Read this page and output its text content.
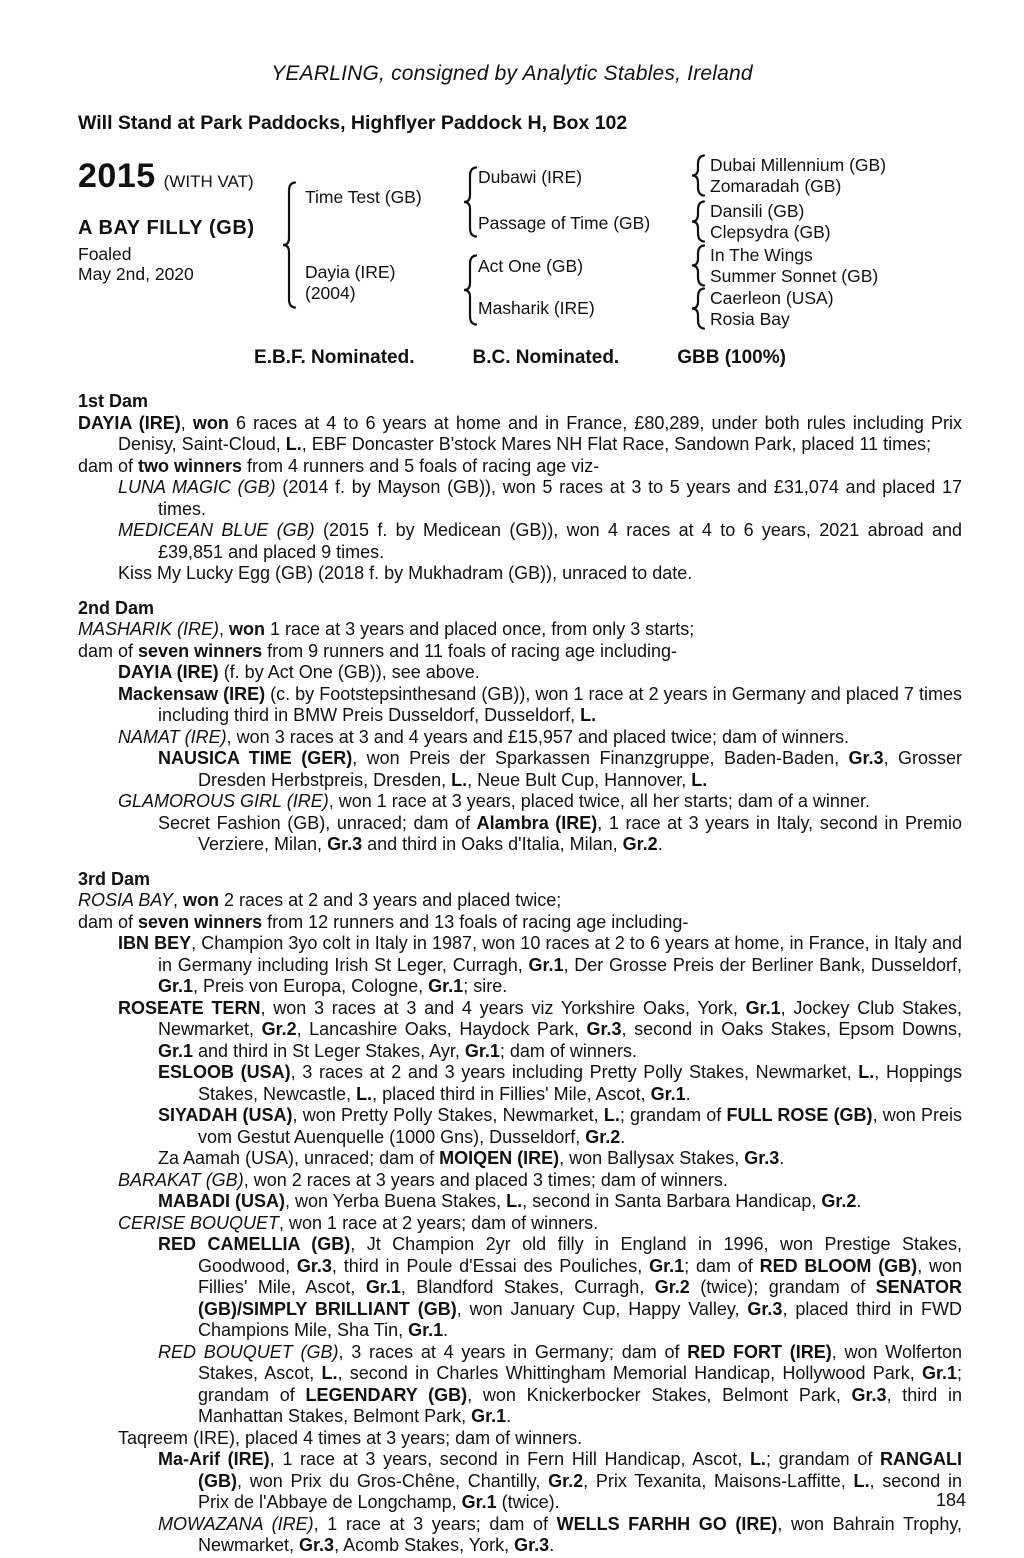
YEARLING, consigned by Analytic Stables, Ireland
Will Stand at Park Paddocks, Highflyer Paddock H, Box 102
2015 (WITH VAT)
A BAY FILLY (GB)
Foaled
May 2nd, 2020
Time Test (GB)
Dayia (IRE)
(2004)
Dubawi (IRE)
Passage of Time (GB)
Act One (GB)
Masharik (IRE)
Dubai Millennium (GB)
Zomaradah (GB)
Dansili (GB)
Clepsydra (GB)
In The Wings
Summer Sonnet (GB)
Caerleon (USA)
Rosia Bay
E.B.F. Nominated.	B.C. Nominated.	GBB (100%)
1st Dam
DAYIA (IRE), won 6 races at 4 to 6 years at home and in France, £80,289, under both rules including Prix Denisy, Saint-Cloud, L., EBF Doncaster B'stock Mares NH Flat Race, Sandown Park, placed 11 times;
dam of two winners from 4 runners and 5 foals of racing age viz-
LUNA MAGIC (GB) (2014 f. by Mayson (GB)), won 5 races at 3 to 5 years and £31,074 and placed 17 times.
MEDICEAN BLUE (GB) (2015 f. by Medicean (GB)), won 4 races at 4 to 6 years, 2021 abroad and £39,851 and placed 9 times.
Kiss My Lucky Egg (GB) (2018 f. by Mukhadram (GB)), unraced to date.
2nd Dam
MASHARIK (IRE), won 1 race at 3 years and placed once, from only 3 starts;
dam of seven winners from 9 runners and 11 foals of racing age including-
DAYIA (IRE) (f. by Act One (GB)), see above.
Mackensaw (IRE) (c. by Footstepsinthesand (GB)), won 1 race at 2 years in Germany and placed 7 times including third in BMW Preis Dusseldorf, Dusseldorf, L.
NAMAT (IRE), won 3 races at 3 and 4 years and £15,957 and placed twice; dam of winners.
NAUSICA TIME (GER), won Preis der Sparkassen Finanzgruppe, Baden-Baden, Gr.3, Grosser Dresden Herbstpreis, Dresden, L., Neue Bult Cup, Hannover, L.
GLAMOROUS GIRL (IRE), won 1 race at 3 years, placed twice, all her starts; dam of a winner.
Secret Fashion (GB), unraced; dam of Alambra (IRE), 1 race at 3 years in Italy, second in Premio Verziere, Milan, Gr.3 and third in Oaks d'Italia, Milan, Gr.2.
3rd Dam
ROSIA BAY, won 2 races at 2 and 3 years and placed twice;
dam of seven winners from 12 runners and 13 foals of racing age including-
IBN BEY, Champion 3yo colt in Italy in 1987, won 10 races at 2 to 6 years at home, in France, in Italy and in Germany including Irish St Leger, Curragh, Gr.1, Der Grosse Preis der Berliner Bank, Dusseldorf, Gr.1, Preis von Europa, Cologne, Gr.1; sire.
ROSEATE TERN, won 3 races at 3 and 4 years viz Yorkshire Oaks, York, Gr.1, Jockey Club Stakes, Newmarket, Gr.2, Lancashire Oaks, Haydock Park, Gr.3, second in Oaks Stakes, Epsom Downs, Gr.1 and third in St Leger Stakes, Ayr, Gr.1; dam of winners.
ESLOOB (USA), 3 races at 2 and 3 years including Pretty Polly Stakes, Newmarket, L., Hoppings Stakes, Newcastle, L., placed third in Fillies' Mile, Ascot, Gr.1.
SIYADAH (USA), won Pretty Polly Stakes, Newmarket, L.; grandam of FULL ROSE (GB), won Preis vom Gestut Auenquelle (1000 Gns), Dusseldorf, Gr.2.
Za Aamah (USA), unraced; dam of MOIQEN (IRE), won Ballysax Stakes, Gr.3.
BARAKAT (GB), won 2 races at 3 years and placed 3 times; dam of winners.
MABADI (USA), won Yerba Buena Stakes, L., second in Santa Barbara Handicap, Gr.2.
CERISE BOUQUET, won 1 race at 2 years; dam of winners.
RED CAMELLIA (GB), Jt Champion 2yr old filly in England in 1996, won Prestige Stakes, Goodwood, Gr.3, third in Poule d'Essai des Pouliches, Gr.1; dam of RED BLOOM (GB), won Fillies' Mile, Ascot, Gr.1, Blandford Stakes, Curragh, Gr.2 (twice); grandam of SENATOR (GB)/SIMPLY BRILLIANT (GB), won January Cup, Happy Valley, Gr.3, placed third in FWD Champions Mile, Sha Tin, Gr.1.
RED BOUQUET (GB), 3 races at 4 years in Germany; dam of RED FORT (IRE), won Wolferton Stakes, Ascot, L., second in Charles Whittingham Memorial Handicap, Hollywood Park, Gr.1; grandam of LEGENDARY (GB), won Knickerbocker Stakes, Belmont Park, Gr.3, third in Manhattan Stakes, Belmont Park, Gr.1.
Taqreem (IRE), placed 4 times at 3 years; dam of winners.
Ma-Arif (IRE), 1 race at 3 years, second in Fern Hill Handicap, Ascot, L.; grandam of RANGALI (GB), won Prix du Gros-Chêne, Chantilly, Gr.2, Prix Texanita, Maisons-Laffitte, L., second in Prix de l'Abbaye de Longchamp, Gr.1 (twice).
MOWAZANA (IRE), 1 race at 3 years; dam of WELLS FARHH GO (IRE), won Bahrain Trophy, Newmarket, Gr.3, Acomb Stakes, York, Gr.3.
184
